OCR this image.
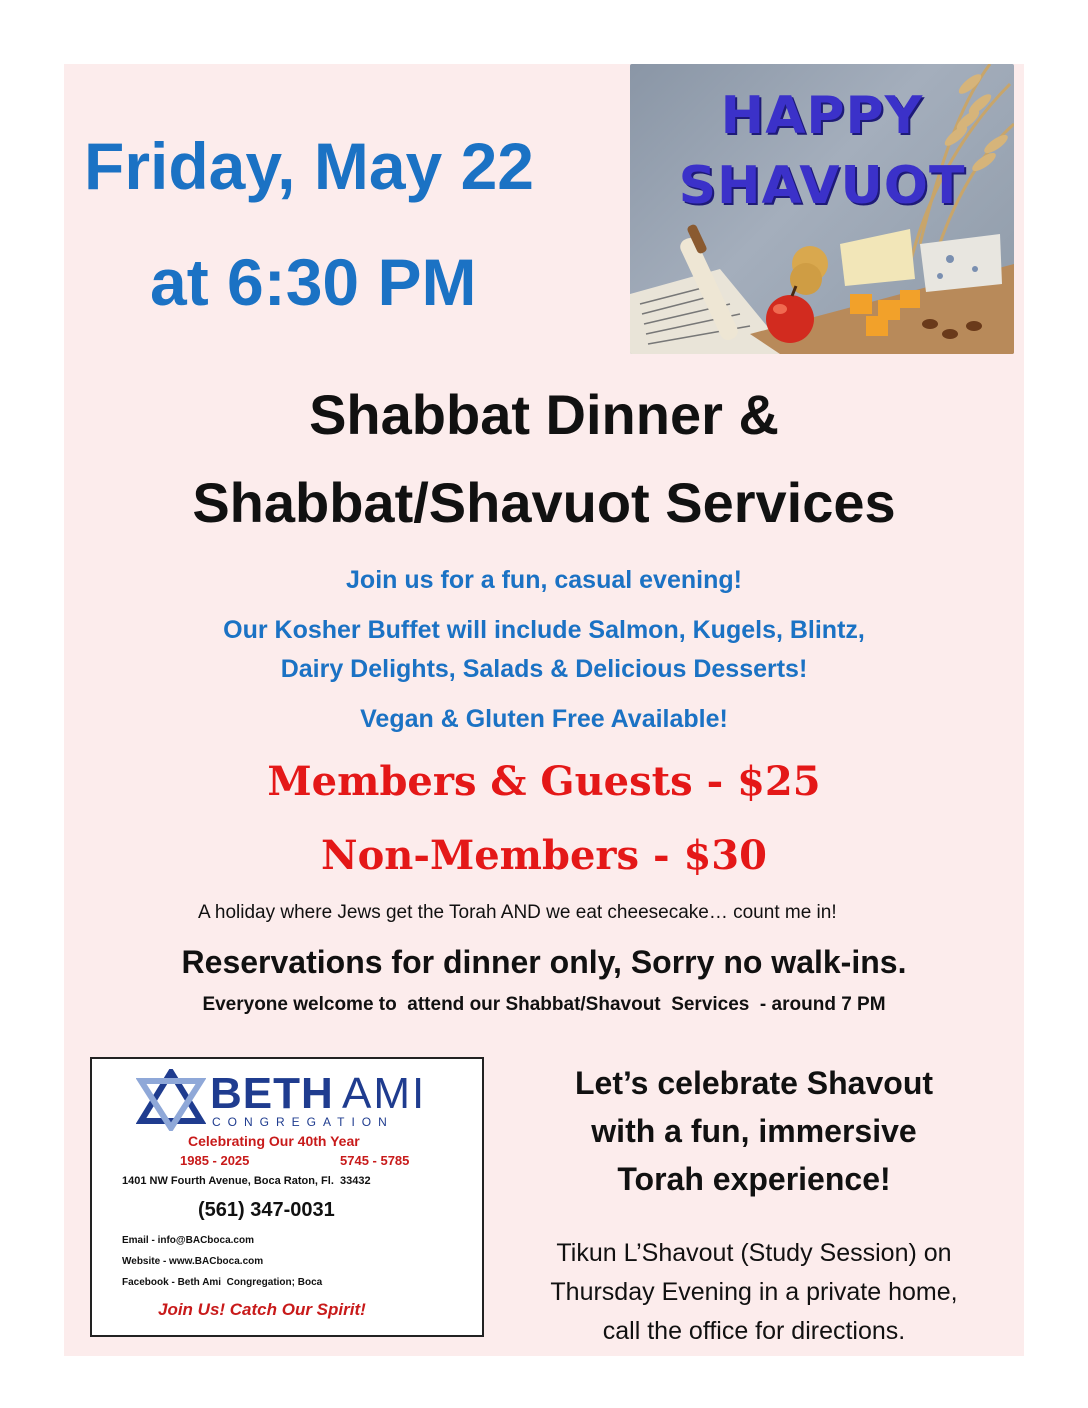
Friday, May 22
at 6:30 PM
HAPPY
SHAVUOT
Shabbat Dinner &
Shabbat/Shavuot Services
Join us for a fun, casual evening!
Our Kosher Buffet will include Salmon, Kugels, Blintz,
Dairy Delights, Salads & Delicious Desserts!
Vegan & Gluten Free Available!
Members & Guests - $25
Non-Members - $30
A holiday where Jews get the Torah AND we eat cheesecake… count me in!
Reservations for dinner only, Sorry no walk-ins.
Everyone welcome to  attend our Shabbat/Shavout  Services  - around 7 PM
BETH AMI
CONGREGATION
Celebrating Our 40th Year
1985 - 2025	5745 - 5785
1401 NW Fourth Avenue, Boca Raton, Fl.  33432
(561) 347-0031
Email - info@BACboca.com
Website - www.BACboca.com
Facebook - Beth Ami  Congregation; Boca
Join Us! Catch Our Spirit!
Let’s celebrate Shavout
with a fun, immersive
Torah experience!
Tikun L’Shavout (Study Session) on
Thursday Evening in a private home,
call the office for directions.
